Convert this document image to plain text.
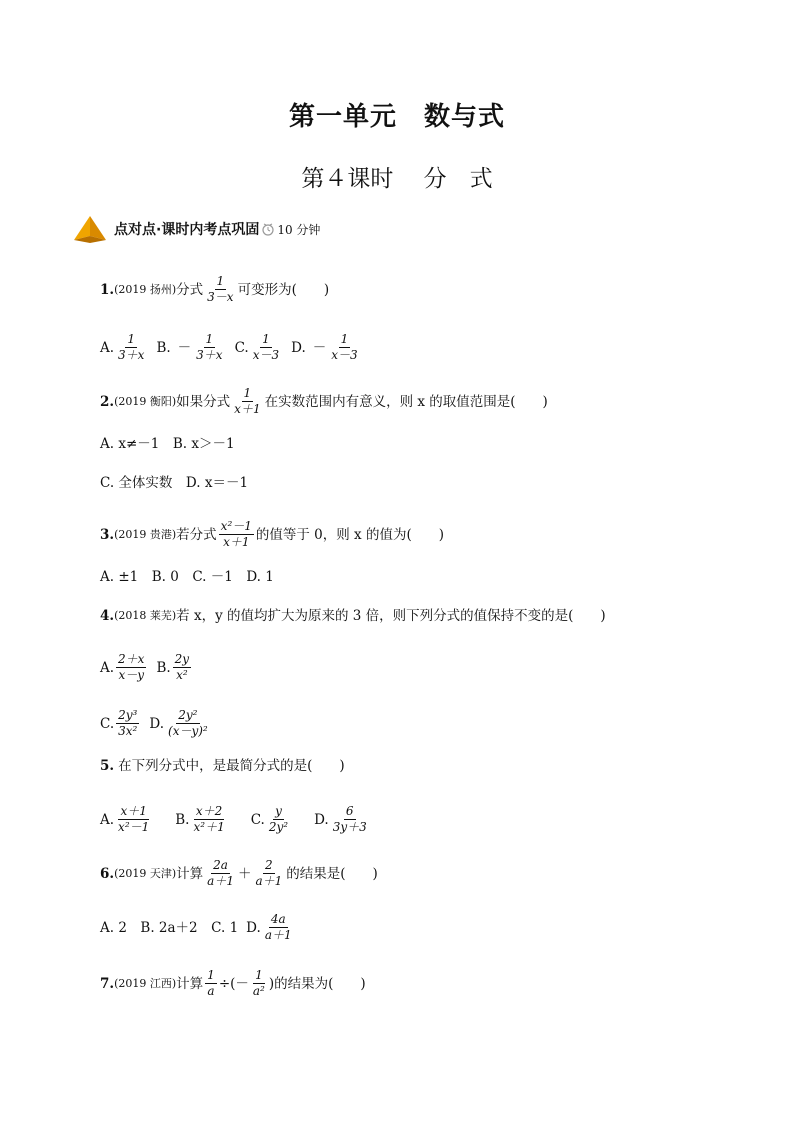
第一单元　数与式
第４课时　 分　式
点对点·课时内考点巩固 10 分钟
1. (2019 扬州) 分式 $\frac{1}{3-x}$ 可变形为(　　)
A. $\frac{1}{3+x} B$. － $\frac{1}{3+x} C$. $\frac{1}{x-3} D$. － $\frac{1}{x-3}$
2. (2019 衡阳) 如果分式 $\frac{1}{x+1}$ 在实数范围内有意义，则 x 的取值范围是(　　)
A. x≠－1　B. x＞－1
C. 全体实数　D. x＝－1
3. (2019 贵港) 若分式 $\frac{\text{x²－1}}{x+1}$ 的值等于 0，则 x 的值为(　　)
A. ±1　B. 0　C. －1　D. 1
4. (2018 莱芜) 若 x，y 的值均扩大为原来的 3 倍，则下列分式的值保持不变的是(　　)
A. $\frac{2+x}{x-y} B$. $\frac{2y}{\text{x²}}$
C. $\frac{\text{2y³}}{\text{3x²}} D$. $\frac{\text{2y²}}{\text{(x－y)²}}$
5. 在下列分式中，是最简分式的是(　　)
A. $\frac{x+1}{\text{x²－1}} B$. $\frac{x+2}{\text{x²＋1}} C$. $\frac{y}{\text{2y²}} D$. $\frac{6}{3y+3}$
6. (2019 天津) 计算 $\frac{2a}{a+1} + \frac{2}{a+1}$ 的结果是(　　)
A. 2　B. 2a＋2　C. 1 D. $\frac{4a}{a+1}$
7. (2019 江西) 计算 $\frac{1}{a}$ ÷(－ $\frac{1}{\text{a²}}$ )的结果为(　　)
